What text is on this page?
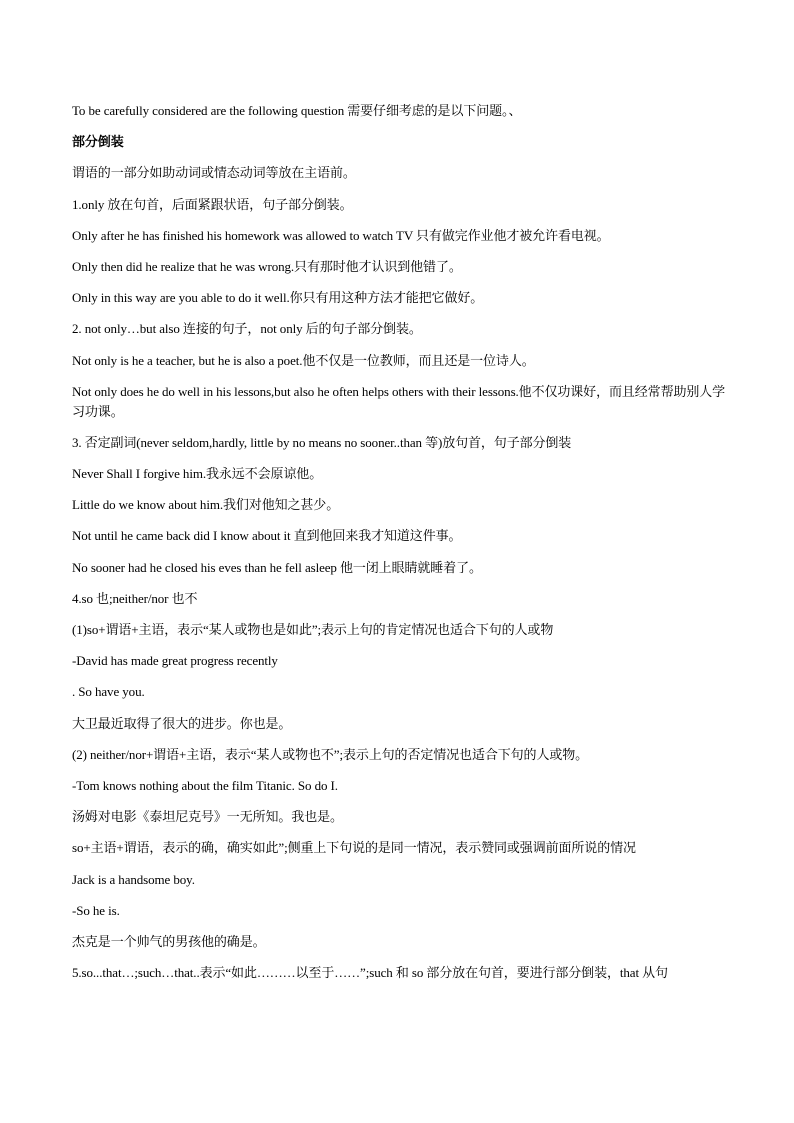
To be carefully considered are the following question 需要仔细考虑的是以下问题。、
部分倒装
谓语的一部分如助动词或情态动词等放在主语前。
1.only 放在句首，后面紧跟状语，句子部分倒装。
Only after he has finished his homework was allowed to watch TV 只有做完作业他才被允许看电视。
Only then did he realize that he was wrong.只有那时他才认识到他错了。
Only in this way are you able to do it well.你只有用这种方法才能把它做好。
2. not only…but also 连接的句子，not only 后的句子部分倒装。
Not only is he a teacher, but he is also a poet.他不仅是一位教师，而且还是一位诗人。
Not only does he do well in his lessons,but also he often helps others with their lessons.他不仅功课好，而且经常帮助别人学习功课。
3. 否定副词(never seldom,hardly, little by no means no sooner..than 等)放句首，句子部分倒装
Never Shall I forgive him.我永远不会原谅他。
Little do we know about him.我们对他知之甚少。
Not until he came back did I know about it 直到他回来我才知道这件事。
No sooner had he closed his eves than he fell asleep 他一闭上眼睛就睡着了。
4.so 也;neither/nor 也不
(1)so+谓语+主语，表示“某人或物也是如此”;表示上句的肯定情况也适合下句的人或物
-David has made great progress recently
. So have you.
大卫最近取得了很大的进步。你也是。
(2) neither/nor+谓语+主语，表示“某人或物也不”;表示上句的否定情况也适合下句的人或物。
-Tom knows nothing about the film Titanic. So do I.
汤姆对电影《泰坦尼克号》一无所知。我也是。
so+主语+谓语，表示的确，确实如此”;侧重上下句说的是同一情况，表示赞同或强调前面所说的情况
Jack is a handsome boy.
-So he is.
杰克是一个帅气的男孩他的确是。
5.so...that…;such…that..表示“如此………以至于……”;such 和 so 部分放在句首，要进行部分倒装，that 从句
